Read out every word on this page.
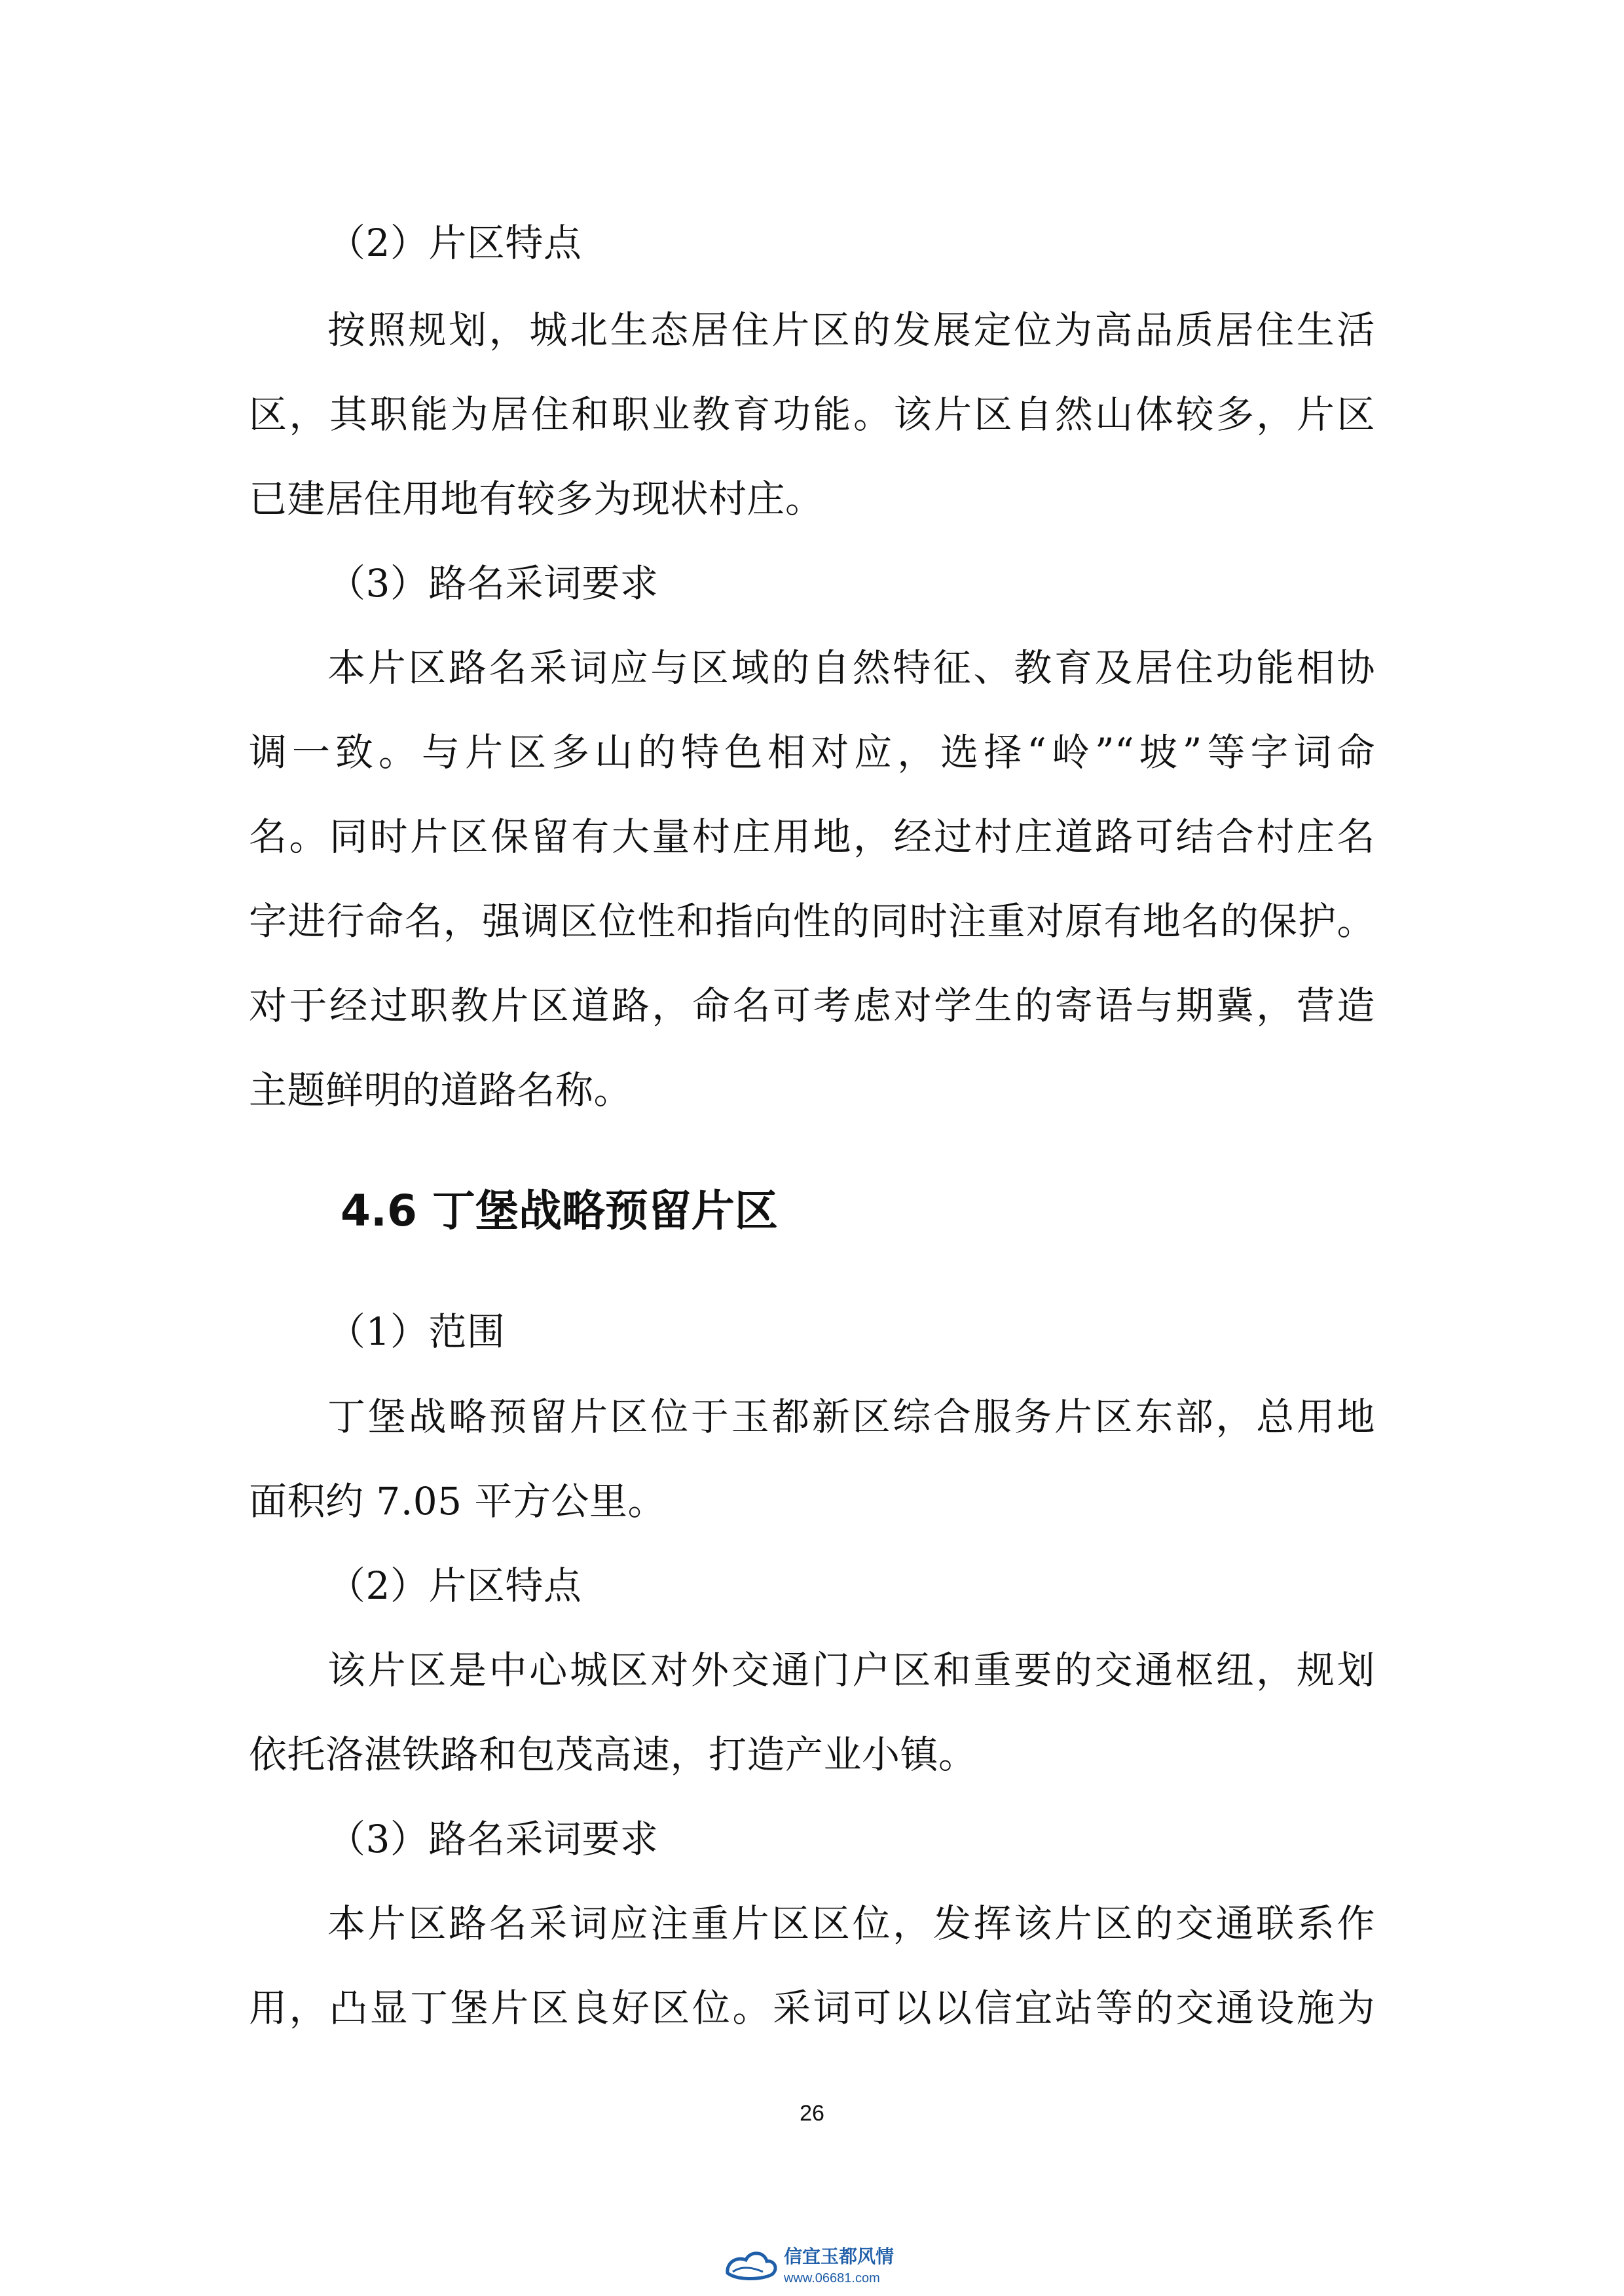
（2）片区特点
按照规划，城北生态居住片区的发展定位为高品质居住生活
区，其职能为居住和职业教育功能。该片区自然山体较多，片区
已建居住用地有较多为现状村庄。
（3）路名采词要求
本片区路名采词应与区域的自然特征、教育及居住功能相协
调一致。与片区多山的特色相对应，选择“岭”“坡”等字词命
名。同时片区保留有大量村庄用地，经过村庄道路可结合村庄名
字进行命名，强调区位性和指向性的同时注重对原有地名的保护。
对于经过职教片区道路，命名可考虑对学生的寄语与期冀，营造
主题鲜明的道路名称。
4.6 丁堡战略预留片区
（1）范围
丁堡战略预留片区位于玉都新区综合服务片区东部，总用地
面积约 7.05 平方公里。
（2）片区特点
该片区是中心城区对外交通门户区和重要的交通枢纽，规划
依托洛湛铁路和包茂高速，打造产业小镇。
（3）路名采词要求
本片区路名采词应注重片区区位，发挥该片区的交通联系作
用，凸显丁堡片区良好区位。采词可以以信宜站等的交通设施为
26
信宜玉都风情
www.06681.com
